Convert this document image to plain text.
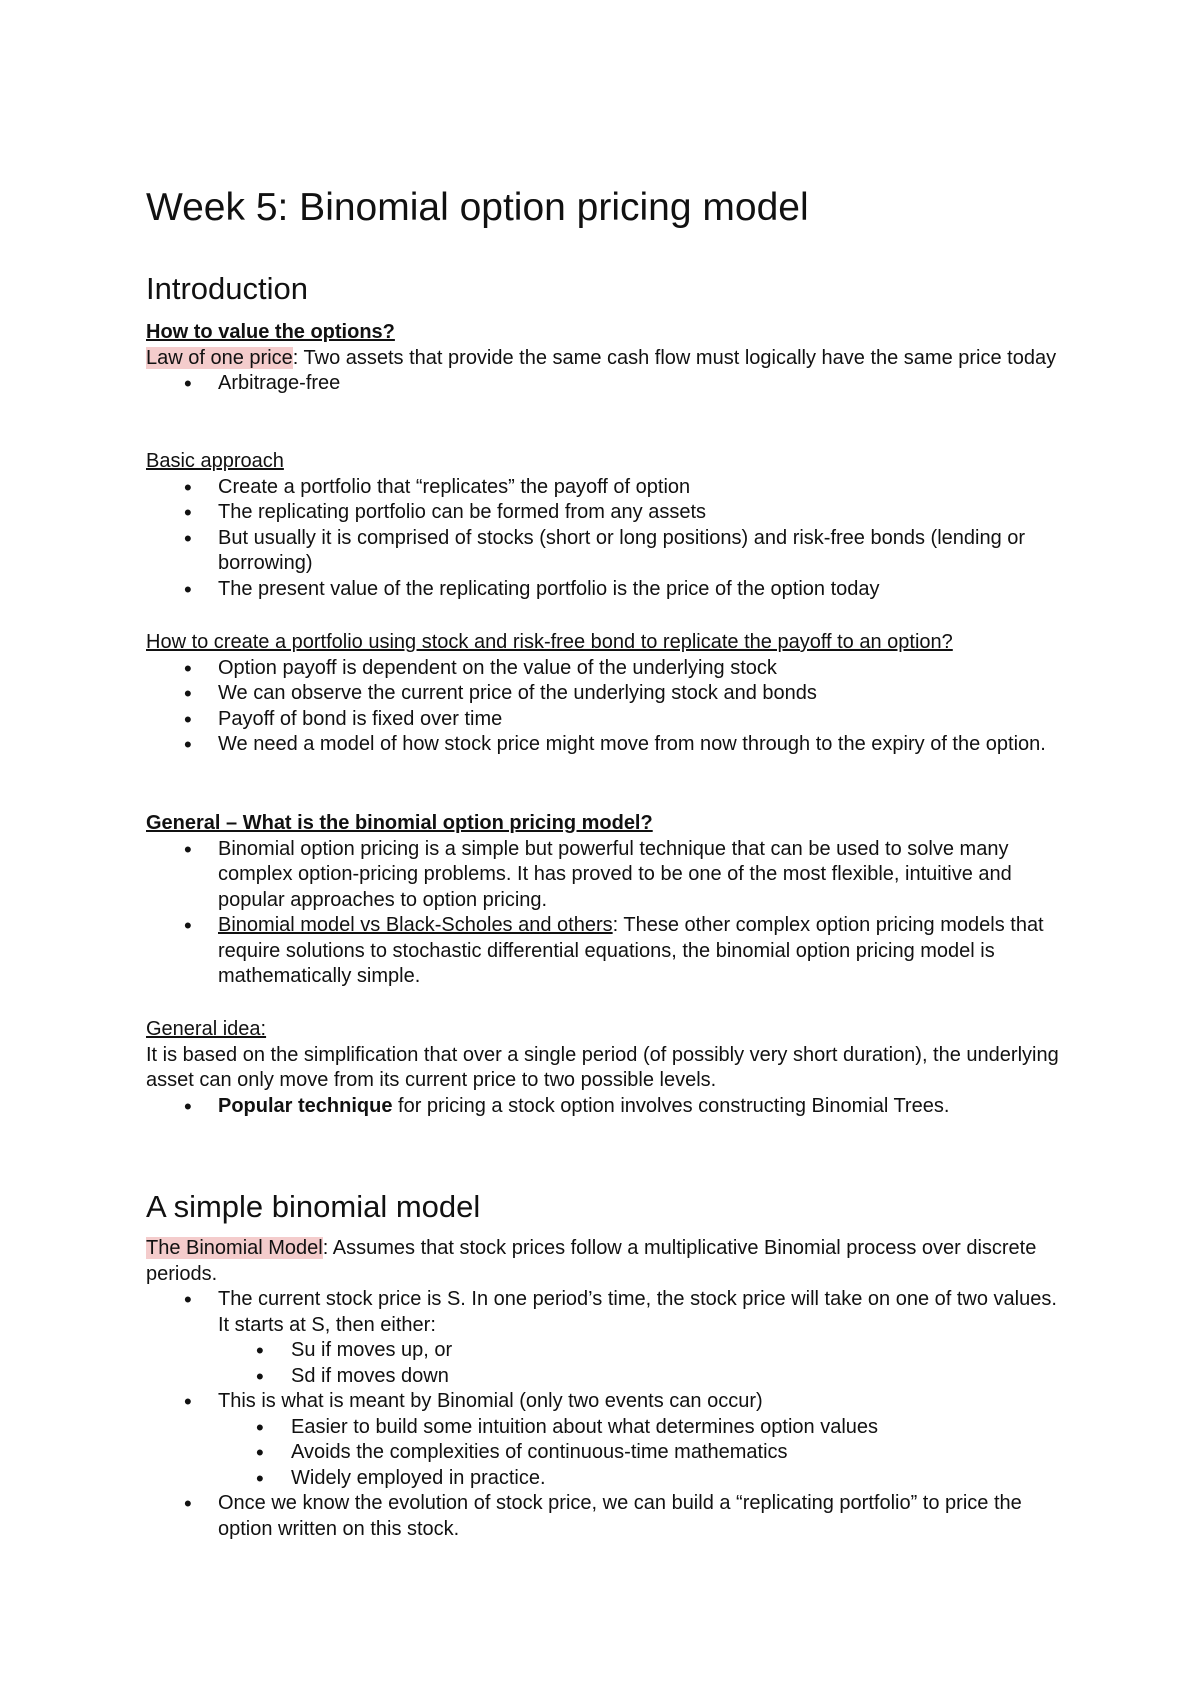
Week 5: Binomial option pricing model
Introduction

How to value the options?

Law of one price: Two assets that provide the same cash flow must logically have the same price today

• Arbitrage-free

Basic approach

• Create a portfolio that “replicates” the payoff of option
• The replicating portfolio can be formed from any assets
• But usually it is comprised of stocks (short or long positions) and risk-free bonds (lending or borrowing)
• The present value of the replicating portfolio is the price of the option today

How to create a portfolio using stock and risk-free bond to replicate the payoff to an option?

• Option payoff is dependent on the value of the underlying stock
• We can observe the current price of the underlying stock and bonds
• Payoff of bond is fixed over time
• We need a model of how stock price might move from now through to the expiry of the option.

General – What is the binomial option pricing model?

• Binomial option pricing is a simple but powerful technique that can be used to solve many complex option-pricing problems. It has proved to be one of the most flexible, intuitive and popular approaches to option pricing.
• Binomial model vs Black-Scholes and others: These other complex option pricing models that require solutions to stochastic differential equations, the binomial option pricing model is mathematically simple.

General idea:

It is based on the simplification that over a single period (of possibly very short duration), the underlying asset can only move from its current price to two possible levels.

• Popular technique for pricing a stock option involves constructing Binomial Trees.
A simple binomial model

The Binomial Model: Assumes that stock prices follow a multiplicative Binomial process over discrete periods.

• The current stock price is S. In one period’s time, the stock price will take on one of two values. It starts at S, then either:
• Su if moves up, or
• Sd if moves down
• This is what is meant by Binomial (only two events can occur)
• Easier to build some intuition about what determines option values
• Avoids the complexities of continuous-time mathematics
• Widely employed in practice.
• Once we know the evolution of stock price, we can build a “replicating portfolio” to price the option written on this stock.
